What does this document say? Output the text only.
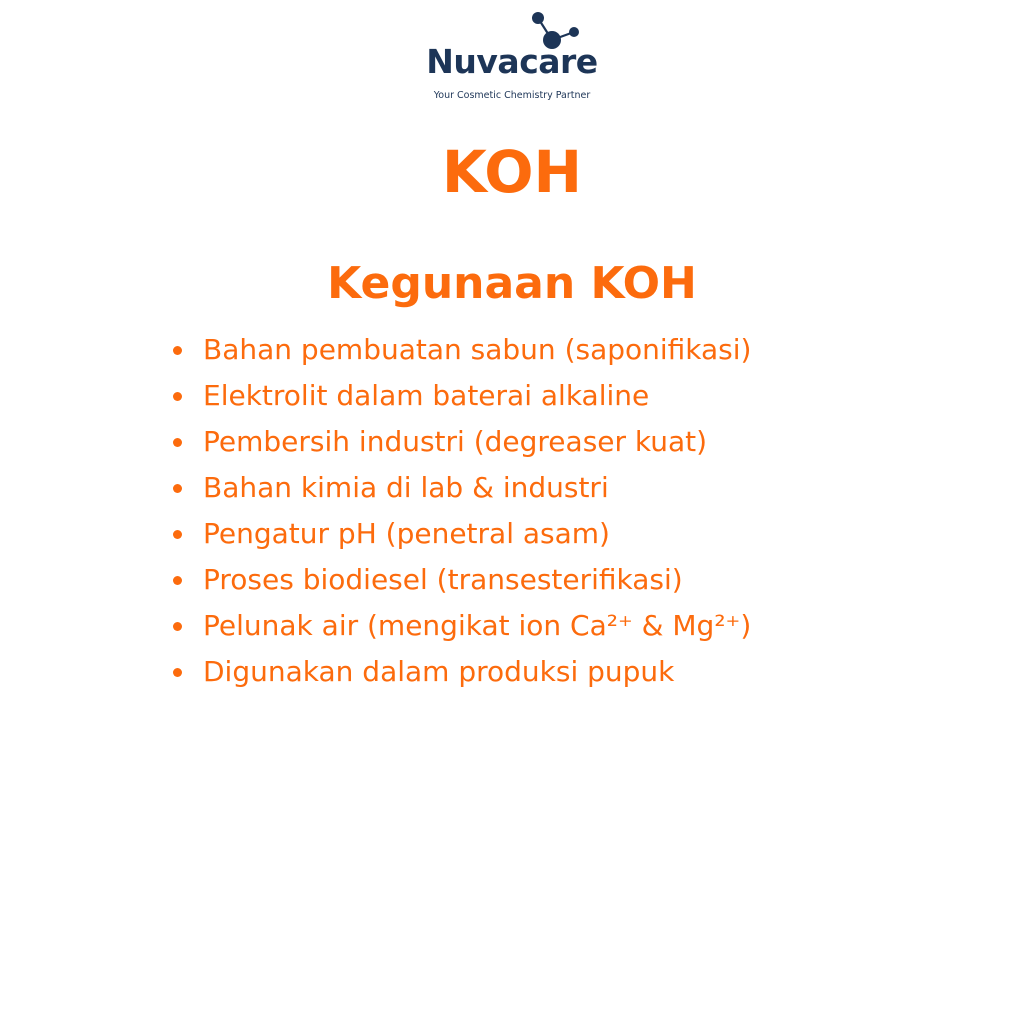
Nuvacare
Your Cosmetic Chemistry Partner
KOH
Kegunaan KOH
Bahan pembuatan sabun (saponifikasi)
Elektrolit dalam baterai alkaline
Pembersih industri (degreaser kuat)
Bahan kimia di lab & industri
Pengatur pH (penetral asam)
Proses biodiesel (transesterifikasi)
Pelunak air (mengikat ion Ca²⁺ & Mg²⁺)
Digunakan dalam produksi pupuk
